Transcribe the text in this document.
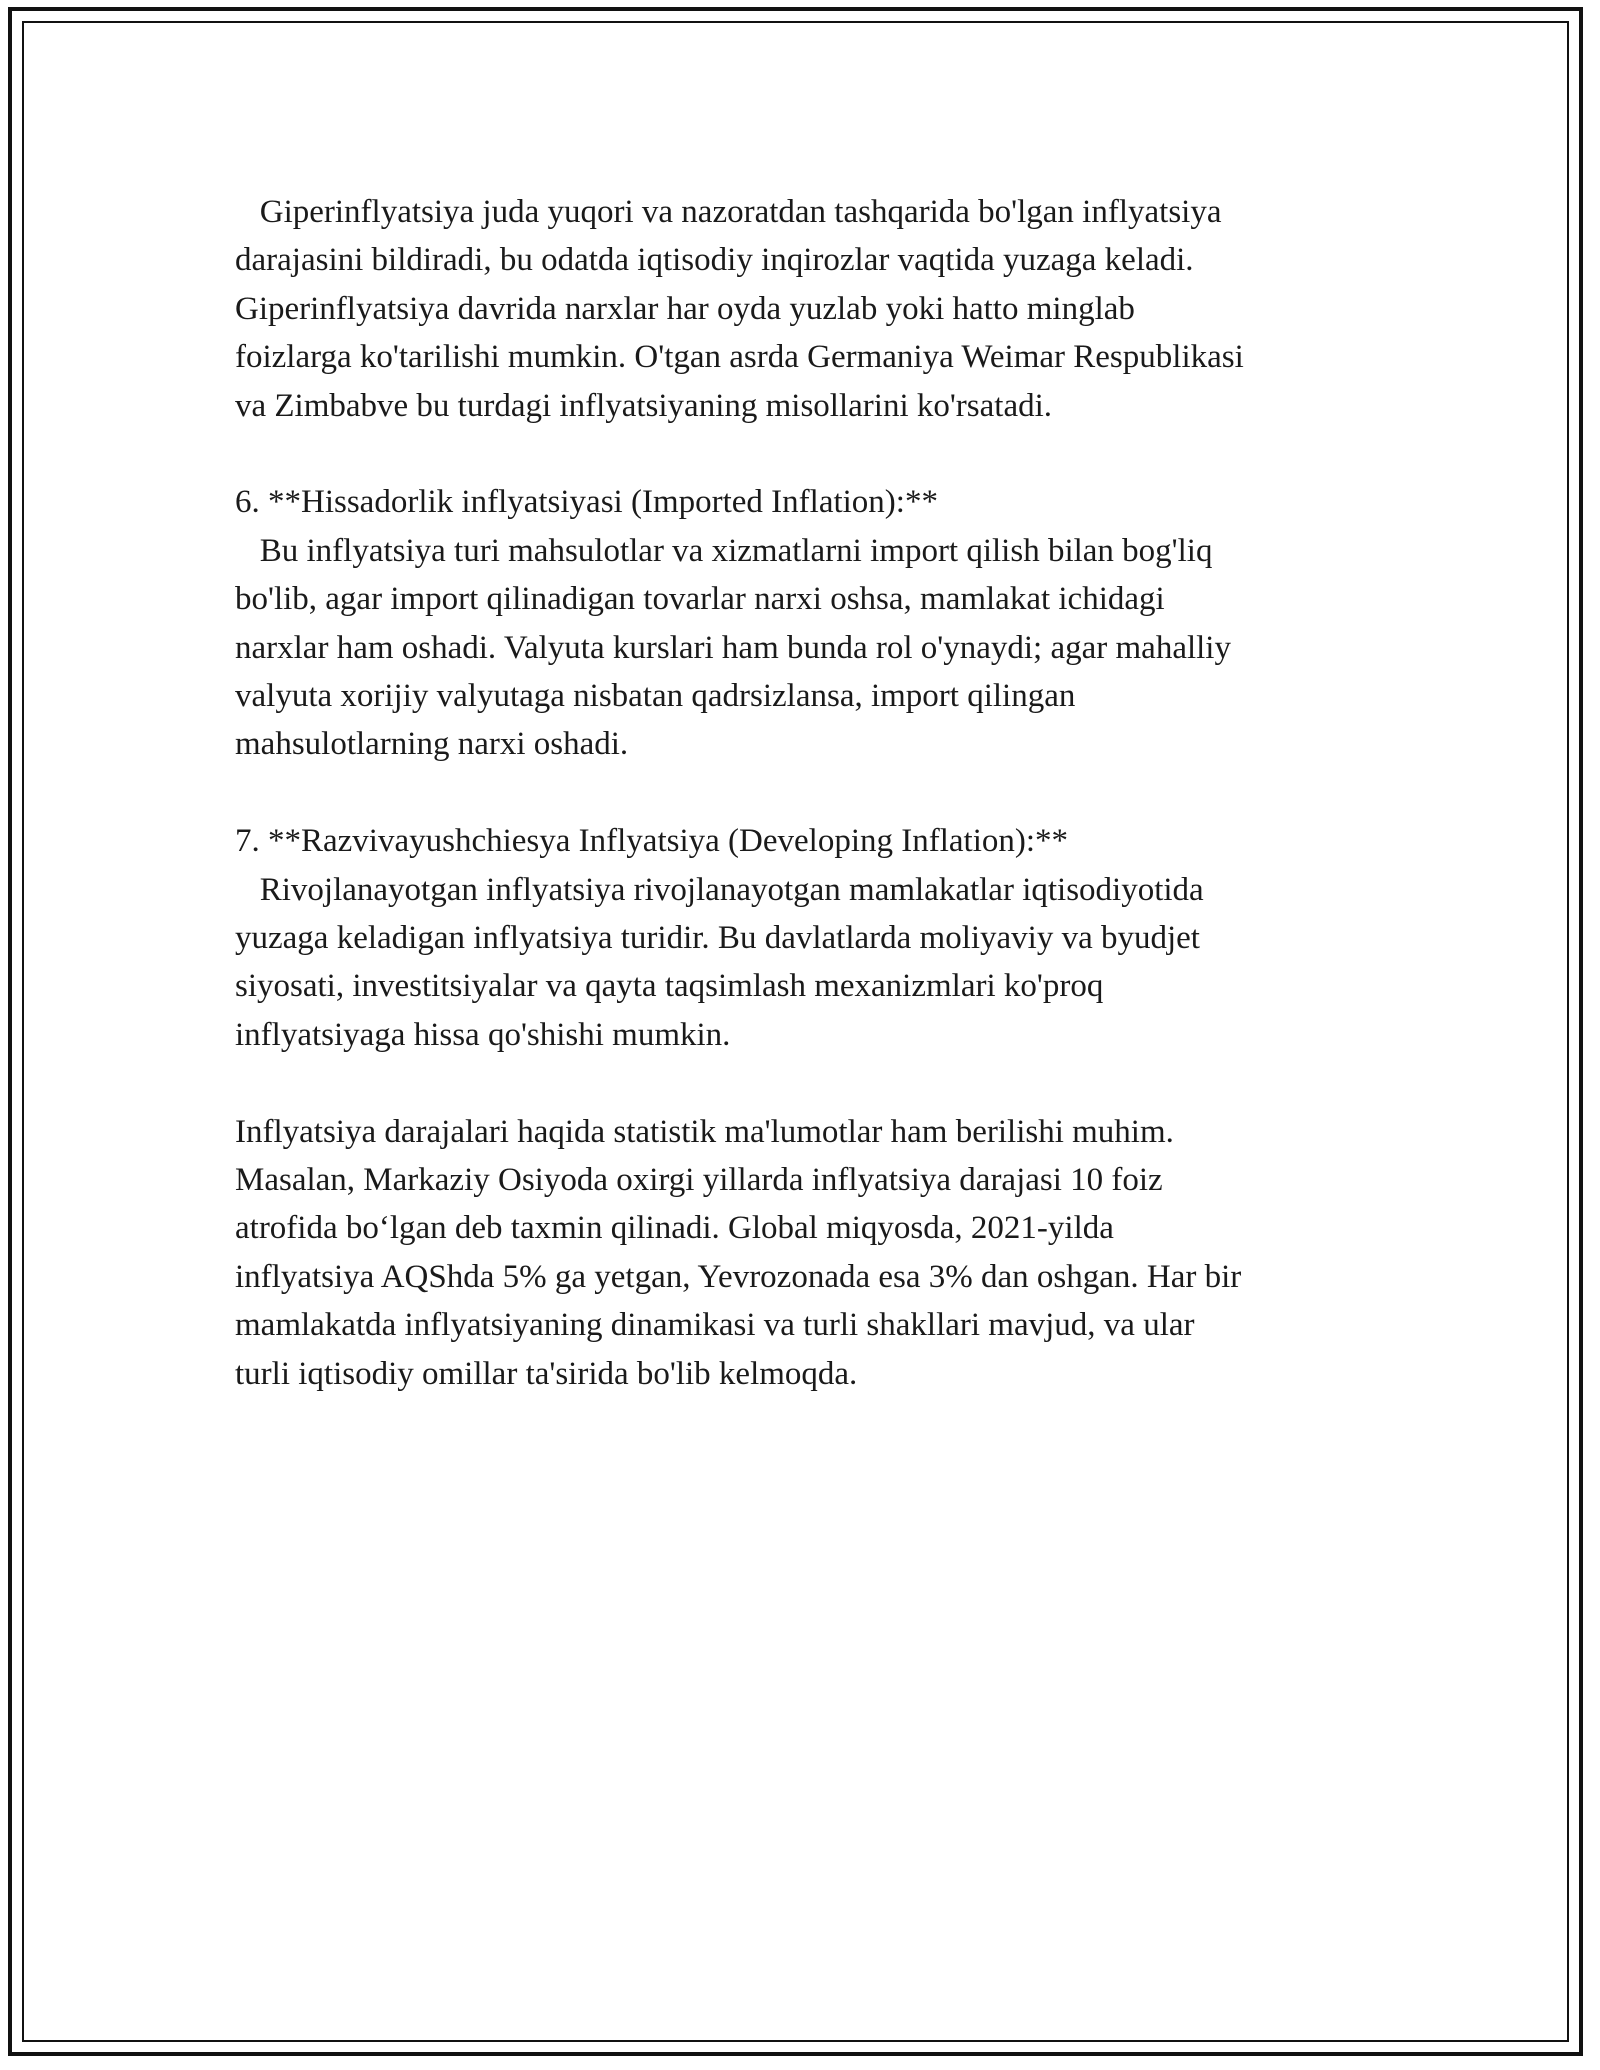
Giperinflyatsiya juda yuqori va nazoratdan tashqarida bo'lgan inflyatsiya
darajasini bildiradi, bu odatda iqtisodiy inqirozlar vaqtida yuzaga keladi.
Giperinflyatsiya davrida narxlar har oyda yuzlab yoki hatto minglab
foizlarga ko'tarilishi mumkin. O'tgan asrda Germaniya Weimar Respublikasi
va Zimbabve bu turdagi inflyatsiyaning misollarini ko'rsatadi.
6. **Hissadorlik inflyatsiyasi (Imported Inflation):**
Bu inflyatsiya turi mahsulotlar va xizmatlarni import qilish bilan bog'liq
bo'lib, agar import qilinadigan tovarlar narxi oshsa, mamlakat ichidagi
narxlar ham oshadi. Valyuta kurslari ham bunda rol o'ynaydi; agar mahalliy
valyuta xorijiy valyutaga nisbatan qadrsizlansa, import qilingan
mahsulotlarning narxi oshadi.
7. **Razvivayushchiesya Inflyatsiya (Developing Inflation):**
Rivojlanayotgan inflyatsiya rivojlanayotgan mamlakatlar iqtisodiyotida
yuzaga keladigan inflyatsiya turidir. Bu davlatlarda moliyaviy va byudjet
siyosati, investitsiyalar va qayta taqsimlash mexanizmlari ko'proq
inflyatsiyaga hissa qo'shishi mumkin.
Inflyatsiya darajalari haqida statistik ma'lumotlar ham berilishi muhim.
Masalan, Markaziy Osiyoda oxirgi yillarda inflyatsiya darajasi 10 foiz
atrofida bo‘lgan deb taxmin qilinadi. Global miqyosda, 2021-yilda
inflyatsiya AQShda 5% ga yetgan, Yevrozonada esa 3% dan oshgan. Har bir
mamlakatda inflyatsiyaning dinamikasi va turli shakllari mavjud, va ular
turli iqtisodiy omillar ta'sirida bo'lib kelmoqda.
